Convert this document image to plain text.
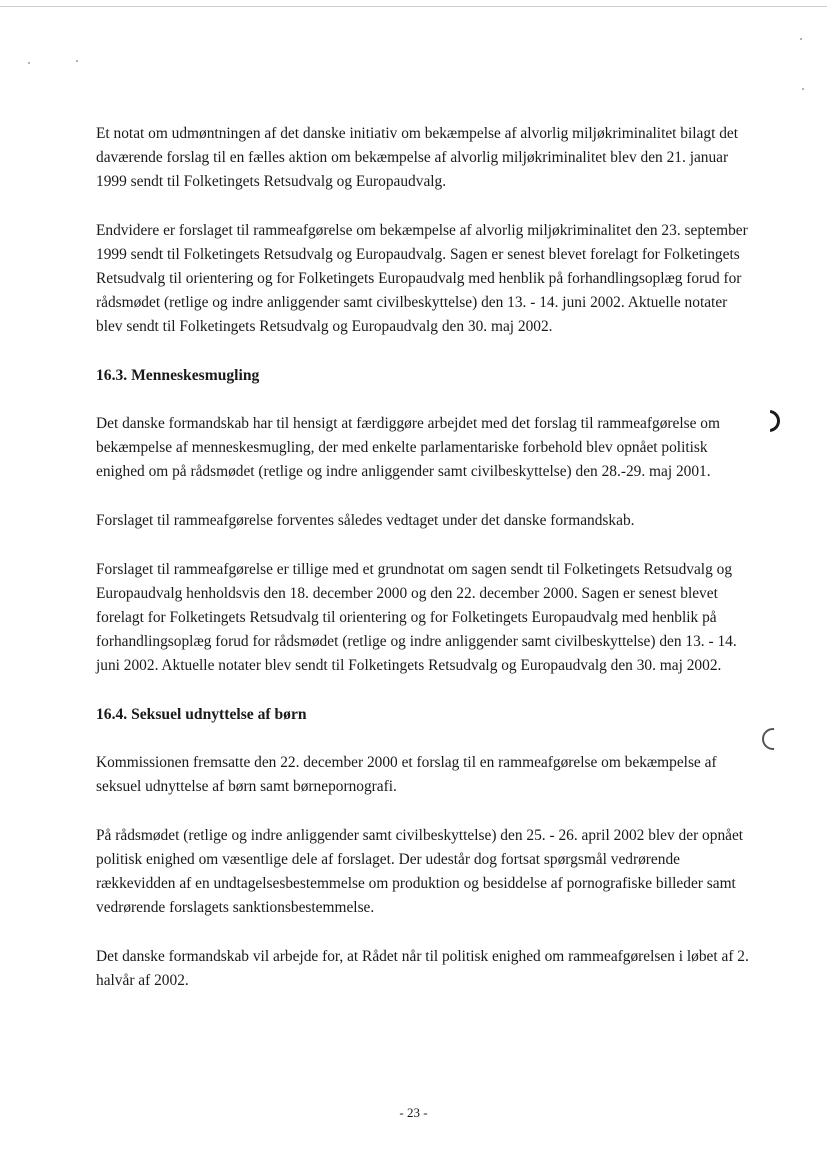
Et notat om udmøntningen af det danske initiativ om bekæmpelse af alvorlig miljøkriminalitet bilagt det daværende forslag til en fælles aktion om bekæmpelse af alvorlig miljøkriminalitet blev den 21. januar 1999 sendt til Folketingets Retsudvalg og Europaudvalg.

Endvidere er forslaget til rammeafgørelse om bekæmpelse af alvorlig miljøkriminalitet den 23. september 1999 sendt til Folketingets Retsudvalg og Europaudvalg. Sagen er senest blevet forelagt for Folketingets Retsudvalg til orientering og for Folketingets Europaudvalg med henblik på forhandlingsoplæg forud for rådsmødet (retlige og indre anliggender samt civilbeskyttelse) den 13. - 14. juni 2002. Aktuelle notater blev sendt til Folketingets Retsudvalg og Europaudvalg den 30. maj 2002.

16.3. Menneskesmugling

Det danske formandskab har til hensigt at færdiggøre arbejdet med det forslag til rammeafgørelse om bekæmpelse af menneskesmugling, der med enkelte parlamentariske forbehold blev opnået politisk enighed om på rådsmødet (retlige og indre anliggender samt civilbeskyttelse) den 28.-29. maj 2001.

Forslaget til rammeafgørelse forventes således vedtaget under det danske formandskab.

Forslaget til rammeafgørelse er tillige med et grundnotat om sagen sendt til Folketingets Retsudvalg og Europaudvalg henholdsvis den 18. december 2000 og den 22. december 2000. Sagen er senest blevet forelagt for Folketingets Retsudvalg til orientering og for Folketingets Europaudvalg med henblik på forhandlingsoplæg forud for rådsmødet (retlige og indre anliggender samt civilbeskyttelse) den 13. - 14. juni 2002. Aktuelle notater blev sendt til Folketingets Retsudvalg og Europaudvalg den 30. maj 2002.

16.4. Seksuel udnyttelse af børn

Kommissionen fremsatte den 22. december 2000 et forslag til en rammeafgørelse om bekæmpelse af seksuel udnyttelse af børn samt børnepornografi.

På rådsmødet (retlige og indre anliggender samt civilbeskyttelse) den 25. - 26. april 2002 blev der opnået politisk enighed om væsentlige dele af forslaget. Der udestår dog fortsat spørgsmål vedrørende rækkevidden af en undtagelsesbestemmelse om produktion og besiddelse af pornografiske billeder samt vedrørende forslagets sanktionsbestemmelse.

Det danske formandskab vil arbejde for, at Rådet når til politisk enighed om rammeafgørelsen i løbet af 2. halvår af 2002.

- 23 -
